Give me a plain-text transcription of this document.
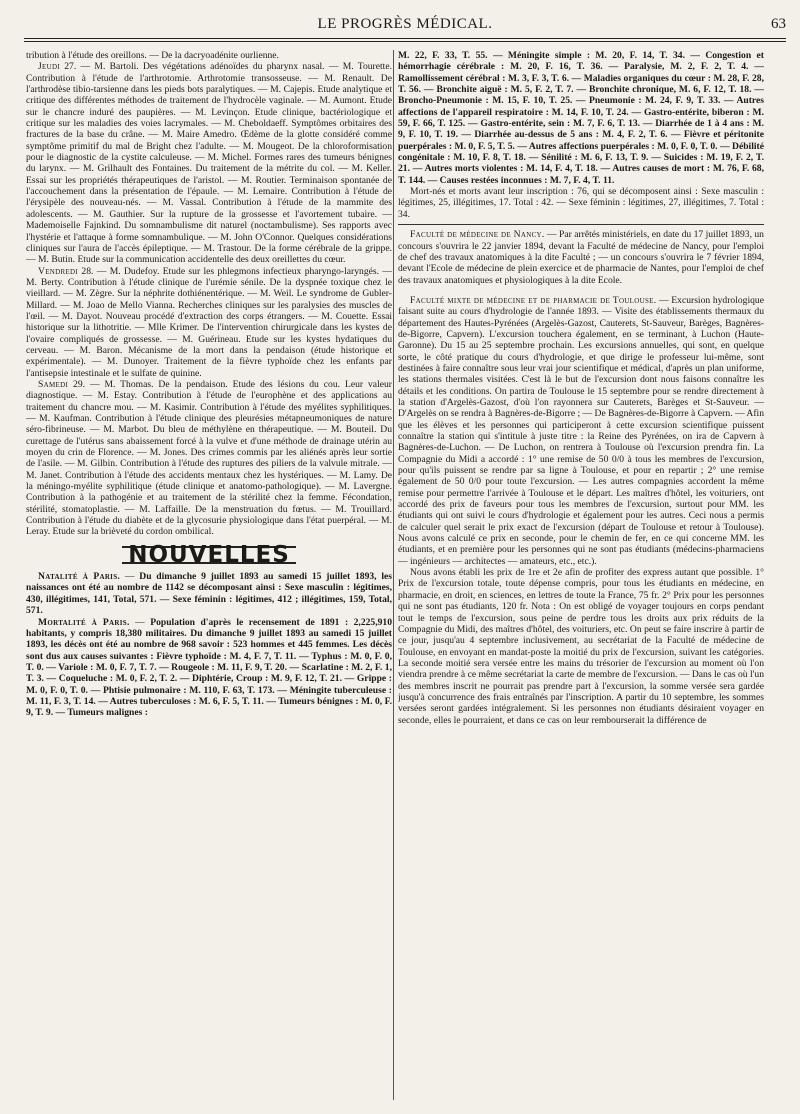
LE PROGRÈS MÉDICAL.	63

tribution à l'étude des oreillons. — De la dacryoadénite ourlienne.

Jeudi 27. — M. Bartoli. Des végétations adénoïdes du pharynx nasal. — M. Tourette. Contribution à l'étude de l'arthrotomie. Arthrotomie transosseuse. — M. Renault. De l'arthrodèse tibio-tarsienne dans les pieds bots paralytiques. — M. Cajepis. Etude analytique et critique des différentes méthodes de traitement de l'hydrocèle vaginale. — M. Aumont. Etude sur le chancre induré des paupières. — M. Levinçon. Etude clinique, bactériologique et critique sur les maladies des voies lacrymales. — M. Cheboldaeff. Symptômes orbitaires des fractures de la base du crâne. — M. Maire Amedro. Œdème de la glotte considéré comme symptôme primitif du mal de Bright chez l'adulte. — M. Mougeot. De la chloroformisation pour le diagnostic de la cystite calculeuse. — M. Michel. Formes rares des tumeurs bénignes du larynx. — M. Grilhault des Fontaines. Du traitement de la métrite du col. — M. Keller. Essai sur les propriétés thérapeutiques de l'aristol. — M. Routier. Terminaison spontanée de l'accouchement dans la présentation de l'épaule. — M. Lemaire. Contribution à l'étude de l'érysipèle des nouveau-nés. — M. Vassal. Contribution à l'étude de la mammite des adolescents. — M. Gauthier. Sur la rupture de la grossesse et l'avortement tubaire. — Mademoiselle Fajnkind. Du somnambulisme dit naturel (noctambulisme). Ses rapports avec l'hystérie et l'attaque à forme somnambulique. — M. John O'Connor. Quelques considérations cliniques sur l'aura de l'accès épileptique. — M. Trastour. De la forme cérébrale de la grippe. — M. Butin. Etude sur la communication accidentelle des deux oreillettes du cœur.

Vendredi 28. — M. Dudefoy. Etude sur les phlegmons infectieux pharyngo-laryngés. — M. Berty. Contribution à l'étude clinique de l'urémie sénile. De la dyspnée toxique chez le vieillard. — M. Zègre. Sur la néphrite dothiénentérique. — M. Weil. Le syndrome de Gubler-Millard. — M. Joao de Mello Vianna. Recherches cliniques sur les paralysies des muscles de l'œil. — M. Dayot. Nouveau procédé d'extraction des corps étrangers. — M. Couette. Essai historique sur la lithotritie. — Mlle Krimer. De l'intervention chirurgicale dans les kystes de l'ovaire compliqués de grossesse. — M. Guérineau. Etude sur les kystes hydatiques du cerveau. — M. Baron. Mécanisme de la mort dans la pendaison (étude historique et expérimentale). — M. Dunoyer. Traitement de la fièvre typhoïde chez les enfants par l'antisepsie intestinale et le sulfate de quinine.

Samedi 29. — M. Thomas. De la pendaison. Etude des lésions du cou. Leur valeur diagnostique. — M. Estay. Contribution à l'étude de l'europhène et des applications au traitement du chancre mou. — M. Kasimir. Contribution à l'étude des myélites syphilitiques. — M. Kaufman. Contribution à l'étude clinique des pleurésies métapneumoniques de nature séro-fibrineuse. — M. Marbot. Du bleu de méthylène en thérapeutique. — M. Bouteil. Du curettage de l'utérus sans abaissement forcé à la vulve et d'une méthode de drainage utérin au moyen du crin de Florence. — M. Jones. Des crimes commis par les aliénés après leur sortie de l'asile. — M. Gilbin. Contribution à l'étude des ruptures des piliers de la valvule mitrale. — M. Janet. Contribution à l'étude des accidents mentaux chez les hystériques. — M. Lamy. De la méningo-myélite syphilitique (étude clinique et anatomo-pathologique). — M. Lavergne. Contribution à la pathogénie et au traitement de la stérilité chez la femme. Fécondation, stérilité, stomatoplastie. — M. Laffaille. De la menstruation du fœtus. — M. Trouillard. Contribution à l'étude du diabète et de la glycosurie physiologique dans l'état puerpéral. — M. Leray. Etude sur la brièveté du cordon ombilical.

NOUVELLES

Natalité à Paris. — Du dimanche 9 juillet 1893 au samedi 15 juillet 1893, les naissances ont été au nombre de 1142 se décomposant ainsi : Sexe masculin : légitimes, 430, illégitimes, 141, Total, 571. — Sexe féminin : légitimes, 412 ; illégitimes, 159, Total, 571.

Mortalité à Paris. — Population d'après le recensement de 1891 : 2,225,910 habitants, y compris 18,380 militaires. Du dimanche 9 juillet 1893 au samedi 15 juillet 1893, les décès ont été au nombre de 968 savoir : 523 hommes et 445 femmes. Les décès sont dus aux causes suivantes : Fièvre typhoïde : M. 4, F. 7, T. 11. — Typhus : M. 0, F. 0, T. 0. — Variole : M. 0, F. 7, T. 7. — Rougeole : M. 11, F. 9, T. 20. — Scarlatine : M. 2, F. 1, T. 3. — Coqueluche : M. 0, F. 2, T. 2. — Diphtérie, Croup : M. 9, F. 12, T. 21. — Grippe : M. 0, F. 0, T. 0. — Phtisie pulmonaire : M. 110, F. 63, T. 173. — Méningite tuberculeuse : M. 11, F. 3, T. 14. — Autres tuberculoses : M. 6, F. 5, T. 11. — Tumeurs bénignes : M. 0, F. 9, T. 9. — Tumeurs malignes :

M. 22, F. 33, T. 55. — Méningite simple : M. 20, F. 14, T. 34. — Congestion et hémorrhagie cérébrale : M. 20, F. 16, T. 36. — Paralysie, M. 2, F. 2, T. 4. — Ramollissement cérébral : M. 3, F. 3, T. 6. — Maladies organiques du cœur : M. 28, F. 28, T. 56. — Bronchite aiguë : M. 5, F. 2, T. 7. — Bronchite chronique, M. 6, F. 12, T. 18. — Broncho-Pneumonie : M. 15, F. 10, T. 25. — Pneumonie : M. 24, F. 9, T. 33. — Autres affections de l'appareil respiratoire : M. 14, F. 10, T. 24. — Gastro-entérite, biberon : M. 59, F. 66, T. 125. — Gastro-entérite, sein : M. 7, F. 6, T. 13. — Diarrhée de 1 à 4 ans : M. 9, F. 10, T. 19. — Diarrhée au-dessus de 5 ans : M. 4, F. 2, T. 6. — Fièvre et péritonite puerpérales : M. 0, F. 5, T. 5. — Autres affections puerpérales : M. 0, F. 0, T. 0. — Débilité congénitale : M. 10, F. 8, T. 18. — Sénilité : M. 6, F. 13, T. 9. — Suicides : M. 19, F. 2, T. 21. — Autres morts violentes : M. 14, F. 4, T. 18. — Autres causes de mort : M. 76, F. 68, T. 144. — Causes restées inconnues : M. 7, F. 4, T. 11.

Mort-nés et morts avant leur inscription : 76, qui se décomposent ainsi : Sexe masculin : légitimes, 25, illégitimes, 17. Total : 42. — Sexe féminin : légitimes, 27, illégitimes, 7. Total : 34.

Faculté de médecine de Nancy. — Par arrêtés ministériels, en date du 17 juillet 1893, un concours s'ouvrira le 22 janvier 1894, devant la Faculté de médecine de Nancy, pour l'emploi de chef des travaux anatomiques à la dite Faculté ; — un concours s'ouvrira le 7 février 1894, devant l'Ecole de médecine de plein exercice et de pharmacie de Nantes, pour l'emploi de chef des travaux anatomiques et physiologiques à la dite Ecole.

Faculté mixte de médecine et de pharmacie de Toulouse. — Excursion hydrologique faisant suite au cours d'hydrologie de l'année 1893. — Visite des établissements thermaux du département des Hautes-Pyrénées (Argelès-Gazost, Cauterets, St-Sauveur, Barèges, Bagnères-de-Bigorre, Capvern). L'excursion touchera également, en se terminant, à Luchon (Haute-Garonne). Du 15 au 25 septembre prochain. Les excursions annuelles, qui sont, en quelque sorte, le côté pratique du cours d'hydrologie, et que dirige le professeur lui-même, sont destinées à faire connaître sous leur vrai jour scientifique et médical, d'après un plan uniforme, les stations thermales visitées. C'est là le but de l'excursion dont nous faisons connaître les détails et les conditions. On partira de Toulouse le 15 septembre pour se rendre directement à la station d'Argelès-Gazost, d'où l'on rayonnera sur Cauterets, Barèges et St-Sauveur. — D'Argelès on se rendra à Bagnères-de-Bigorre ; — De Bagnères-de-Bigorre à Capvern. — Afin que les élèves et les personnes qui participeront à cette excursion scientifique puissent connaître la station qui s'intitule à juste titre : la Reine des Pyrénées, on ira de Capvern à Bagnères-de-Luchon. — De Luchon, on rentrera à Toulouse où l'excursion prendra fin. La Compagnie du Midi a accordé : 1° une remise de 50 0/0 à tous les membres de l'excursion, pour qu'ils puissent se rendre par sa ligne à Toulouse, et pour en repartir ; 2° une remise également de 50 0/0 pour toute l'excursion. — Les autres compagnies accordent la même remise pour permettre l'arrivée à Toulouse et le départ. Les maîtres d'hôtel, les voituriers, ont accordé des prix de faveurs pour tous les membres de l'excursion, surtout pour MM. les étudiants qui ont suivi le cours d'hydrologie et également pour les autres. Ceci nous a permis de calculer quel serait le prix exact de l'excursion (départ de Toulouse et retour à Toulouse). Nous avons calculé ce prix en seconde, pour le chemin de fer, en ce qui concerne MM. les étudiants, et en première pour les personnes qui ne sont pas étudiants (médecins-pharmaciens — ingénieurs — architectes — amateurs, etc., etc.).

Nous avons établi les prix de 1re et 2e afin de profiter des express autant que possible. 1° Prix de l'excursion totale, toute dépense compris, pour tous les étudiants en médecine, en pharmacie, en droit, en sciences, en lettres de toute la France, 75 fr. 2° Prix pour les personnes qui ne sont pas étudiants, 120 fr. Nota : On est obligé de voyager toujours en corps pendant tout le temps de l'excursion, sous peine de perdre tous les droits aux prix réduits de la Compagnie du Midi, des maîtres d'hôtel, des voituriers, etc. On peut se faire inscrire à partir de ce jour, jusqu'au 4 septembre inclusivement, au secrétariat de la Faculté de médecine de Toulouse, en envoyant en mandat-poste la moitié du prix de l'excursion, suivant les catégories. La seconde moitié sera versée entre les mains du trésorier de l'excursion au moment où l'on viendra prendre à ce même secrétariat la carte de membre de l'excursion. — Dans le cas où l'un des membres inscrit ne pourrait pas prendre part à l'excursion, la somme versée sera gardée jusqu'à concurrence des frais entraînés par l'inscription. A partir du 10 septembre, les sommes versées seront gardées intégralement. Si les personnes non étudiants désiraient voyager en seconde, elles le pourraient, et dans ce cas on leur rembourserait la différence de
